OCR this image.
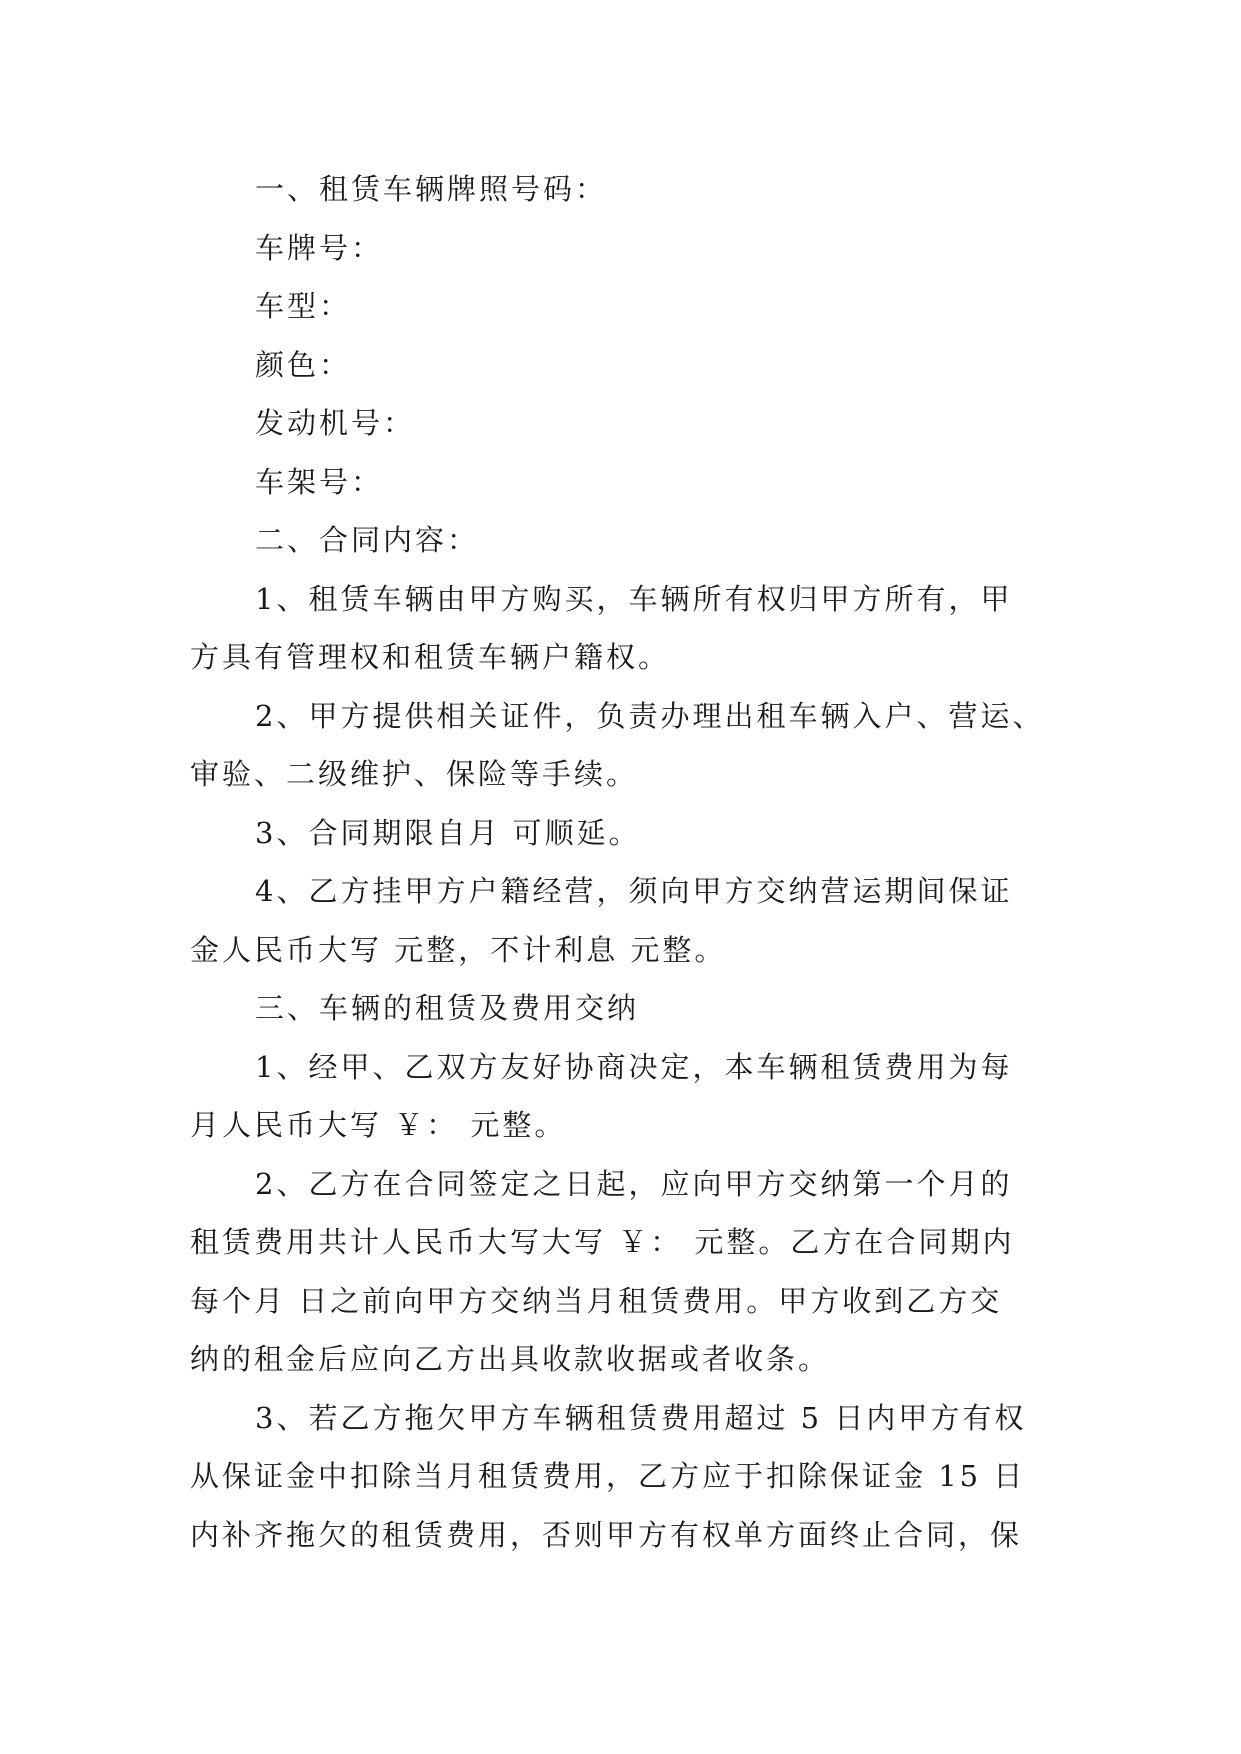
一、租赁车辆牌照号码：
车牌号：
车型：
颜色：
发动机号：
车架号：
二、合同内容：
1、租赁车辆由甲方购买，车辆所有权归甲方所有，甲
方具有管理权和租赁车辆户籍权。
2、甲方提供相关证件，负责办理出租车辆入户、营运、
审验、二级维护、保险等手续。
3、合同期限自月 可顺延。
4、乙方挂甲方户籍经营，须向甲方交纳营运期间保证
金人民币大写 元整，不计利息 元整。
三、车辆的租赁及费用交纳
1、经甲、乙双方友好协商决定，本车辆租赁费用为每
月人民币大写 ￥： 元整。
2、乙方在合同签定之日起，应向甲方交纳第一个月的
租赁费用共计人民币大写大写 ￥： 元整。乙方在合同期内
每个月 日之前向甲方交纳当月租赁费用。甲方收到乙方交
纳的租金后应向乙方出具收款收据或者收条。
3、若乙方拖欠甲方车辆租赁费用超过 5 日内甲方有权
从保证金中扣除当月租赁费用，乙方应于扣除保证金 15 日
内补齐拖欠的租赁费用，否则甲方有权单方面终止合同，保
